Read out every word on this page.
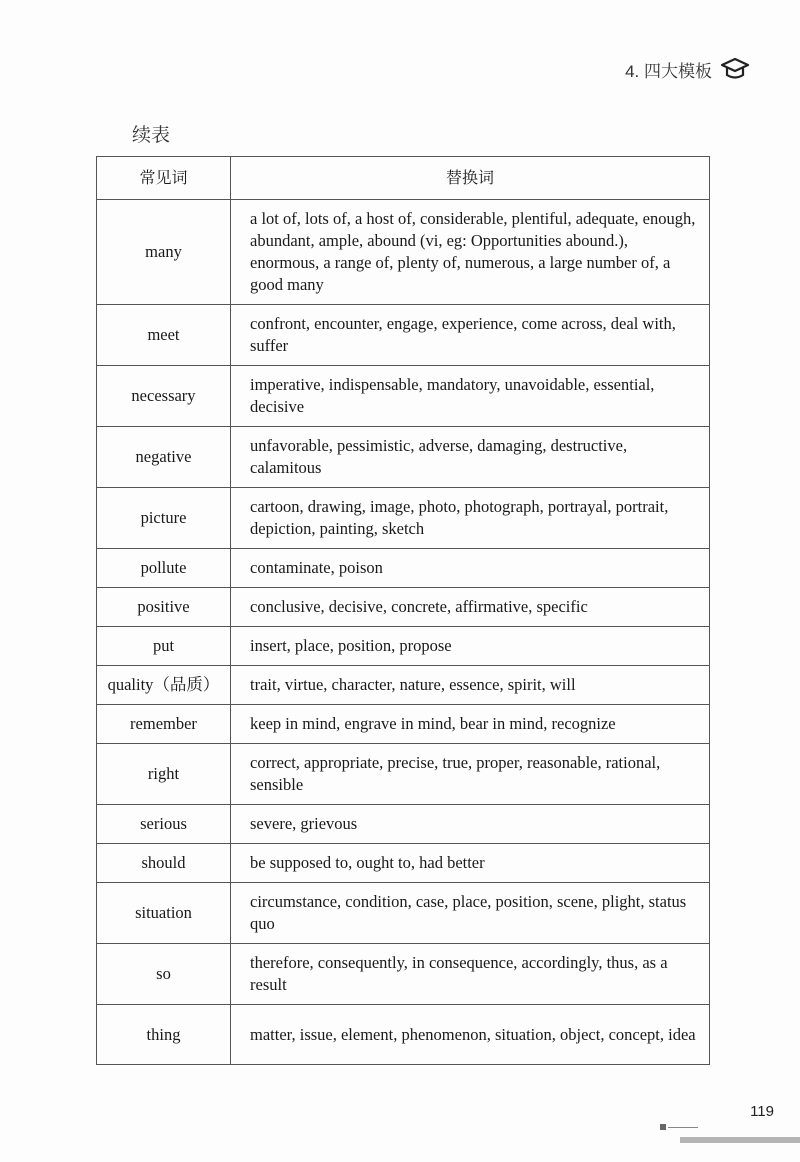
4. 四大模板
续表
常见词	替换词
many	a lot of, lots of, a host of, considerable, plentiful, adequate, enough, abundant, ample, abound (vi, eg: Opportunities abound.), enormous, a range of, plenty of, numerous, a large number of, a good many
meet	confront, encounter, engage, experience, come across, deal with, suffer
necessary	imperative, indispensable, mandatory, unavoidable, essential, decisive
negative	unfavorable, pessimistic, adverse, damaging, destructive, calamitous
picture	cartoon, drawing, image, photo, photograph, portrayal, portrait, depiction, painting, sketch
pollute	contaminate, poison
positive	conclusive, decisive, concrete, affirmative, specific
put	insert, place, position, propose
quality（品质）	trait, virtue, character, nature, essence, spirit, will
remember	keep in mind, engrave in mind, bear in mind, recognize
right	correct, appropriate, precise, true, proper, reasonable, rational, sensible
serious	severe, grievous
should	be supposed to, ought to, had better
situation	circumstance, condition, case, place, position, scene, plight, status quo
so	therefore, consequently, in consequence, accordingly, thus, as a result
thing	matter, issue, element, phenomenon, situation, object, concept, idea
119
